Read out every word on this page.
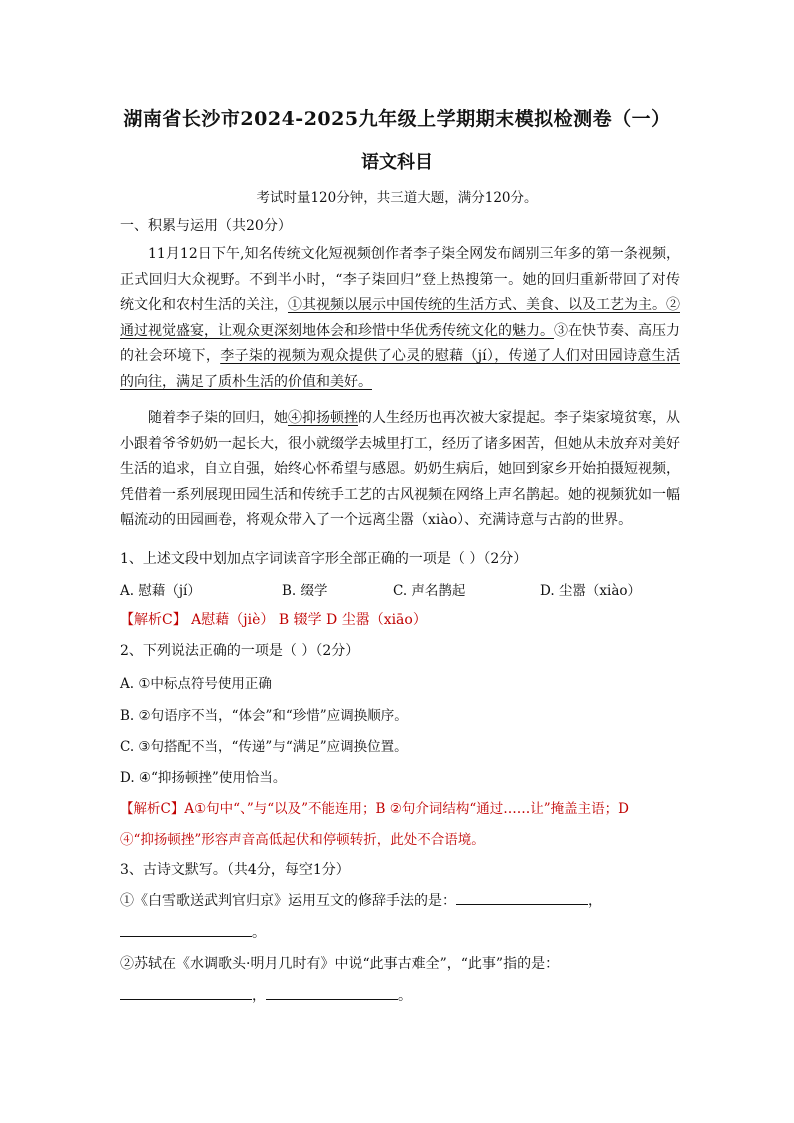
湖南省长沙市2024-2025九年级上学期期末模拟检测卷（一）
语文科目
考试时量120分钟，共三道大题，满分120分。
一、积累与运用（共20分）

11月12日下午,知名传统文化短视频创作者李子柒全网发布阔别三年多的第一条视频，正式回归大众视野。不到半小时，“李子柒回归”登上热搜第一。她的回归重新带回了对传统文化和农村生活的关注，①其视频以展示中国传统的生活方式、美食、以及工艺为主。②通过视觉盛宴，让观众更深刻地体会和珍惜中华优秀传统文化的魅力。③在快节奏、高压力的社会环境下，李子柒的视频为观众提供了心灵的慰藉（jí），传递了人们对田园诗意生活的向往，满足了质朴生活的价值和美好。

随着李子柒的回归，她④抑扬顿挫的人生经历也再次被大家提起。李子柒家境贫寒，从小跟着爷爷奶奶一起长大，很小就缀学去城里打工，经历了诸多困苦，但她从未放弃对美好生活的追求，自立自强，始终心怀希望与感恩。奶奶生病后，她回到家乡开始拍摄短视频，凭借着一系列展现田园生活和传统手工艺的古风视频在网络上声名鹊起。她的视频犹如一幅幅流动的田园画卷，将观众带入了一个远离尘嚣（xiào）、充满诗意与古韵的世界。

1、上述文段中划加点字词读音字形全部正确的一项是（ ）（2分）
A. 慰藉（jí）	B. 缀学	C. 声名鹊起	D. 尘嚣（xiào）
【解析C】 A慰藉（jiè） B 辍学 D 尘嚣（xiāo）
2、下列说法正确的一项是（ ）（2分）
A. ①中标点符号使用正确
B. ②句语序不当，“体会”和“珍惜”应调换顺序。
C. ③句搭配不当，“传递”与“满足”应调换位置。
D. ④“抑扬顿挫”使用恰当。
【解析C】A①句中“、”与“以及”不能连用；B ②句介词结构“通过……让”掩盖主语；D
④“抑扬顿挫”形容声音高低起伏和停顿转折，此处不合语境。
3、古诗文默写。（共4分，每空1分）
①《白雪歌送武判官归京》运用互文的修辞手法的是：	，
。
②苏轼在《水调歌头·明月几时有》中说“此事古难全”，“此事”指的是：
，	。
